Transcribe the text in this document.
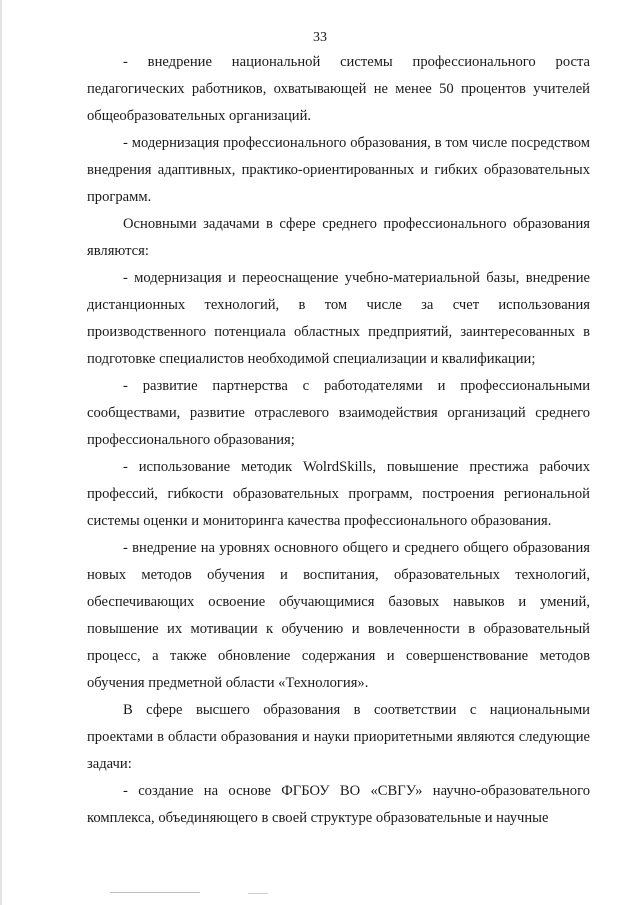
33

- внедрение национальной системы профессионального роста педагогических работников, охватывающей не менее 50 процентов учителей общеобразовательных организаций.

- модернизация профессионального образования, в том числе посредством внедрения адаптивных, практико-ориентированных и гибких образовательных программ.

Основными задачами в сфере среднего профессионального образования являются:

- модернизация и переоснащение учебно-материальной базы, внедрение дистанционных технологий, в том числе за счет использования производственного потенциала областных предприятий, заинтересованных в подготовке специалистов необходимой специализации и квалификации;

- развитие партнерства с работодателями и профессиональными сообществами, развитие отраслевого взаимодействия организаций среднего профессионального образования;

- использование методик WolrdSkills, повышение престижа рабочих профессий, гибкости образовательных программ, построения региональной системы оценки и мониторинга качества профессионального образования.

- внедрение на уровнях основного общего и среднего общего образования новых методов обучения и воспитания, образовательных технологий, обеспечивающих освоение обучающимися базовых навыков и умений, повышение их мотивации к обучению и вовлеченности в образовательный процесс, а также обновление содержания и совершенствование методов обучения предметной области «Технология».

В сфере высшего образования в соответствии с национальными проектами в области образования и науки приоритетными являются следующие задачи:

- создание на основе ФГБОУ ВО «СВГУ» научно-образовательного комплекса, объединяющего в своей структуре образовательные и научные
